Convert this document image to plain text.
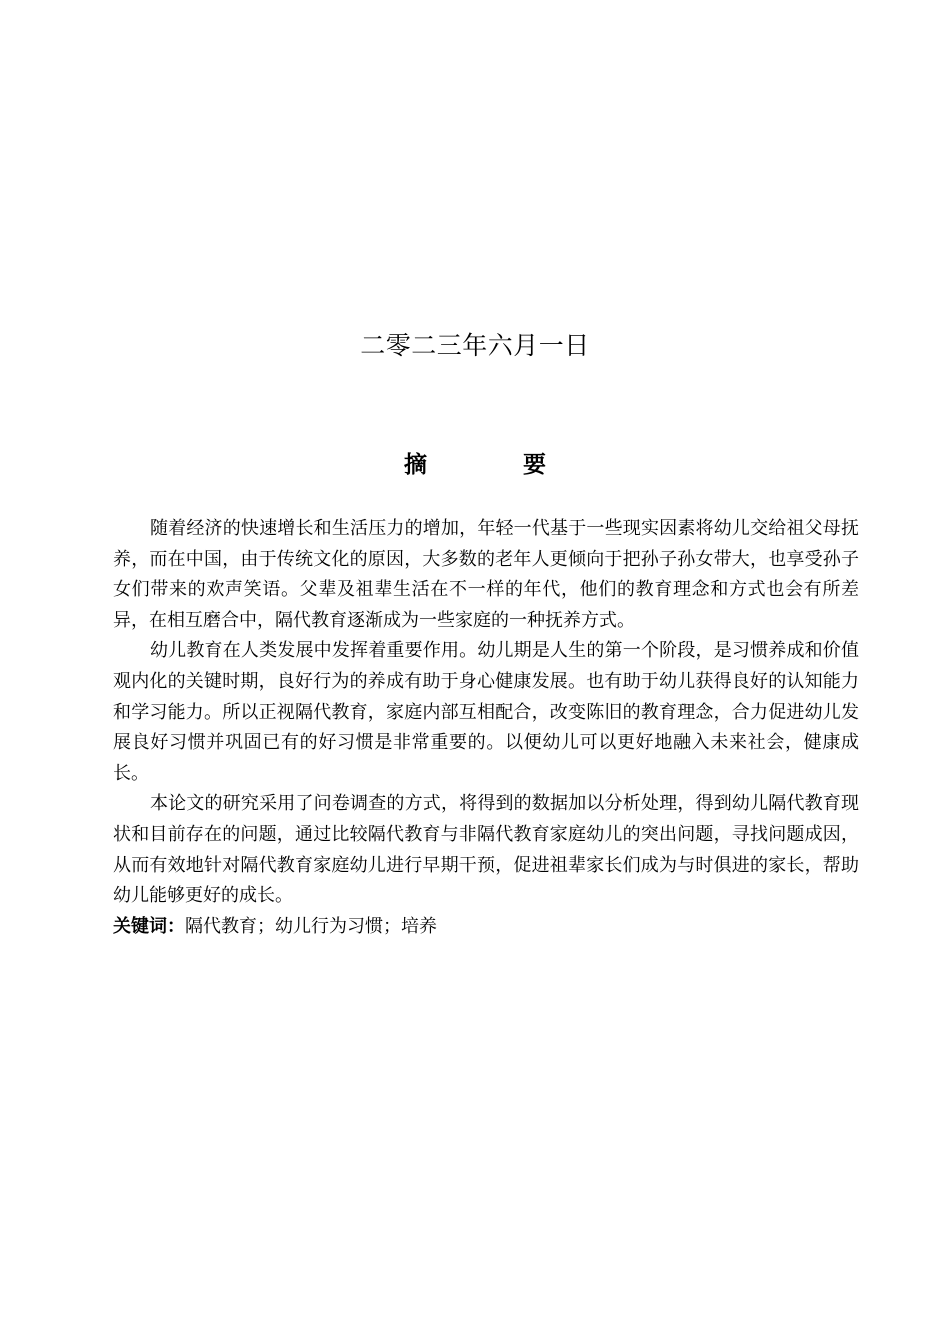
二零二三年六月一日
摘 要

随着经济的快速增长和生活压力的增加，年轻一代基于一些现实因素将幼儿交给祖父母抚养，而在中国，由于传统文化的原因，大多数的老年人更倾向于把孙子孙女带大，也享受孙子女们带来的欢声笑语。父辈及祖辈生活在不一样的年代，他们的教育理念和方式也会有所差异，在相互磨合中，隔代教育逐渐成为一些家庭的一种抚养方式。

幼儿教育在人类发展中发挥着重要作用。幼儿期是人生的第一个阶段，是习惯养成和价值观内化的关键时期，良好行为的养成有助于身心健康发展。也有助于幼儿获得良好的认知能力和学习能力。所以正视隔代教育，家庭内部互相配合，改变陈旧的教育理念，合力促进幼儿发展良好习惯并巩固已有的好习惯是非常重要的。以便幼儿可以更好地融入未来社会，健康成长。

本论文的研究采用了问卷调查的方式，将得到的数据加以分析处理，得到幼儿隔代教育现状和目前存在的问题，通过比较隔代教育与非隔代教育家庭幼儿的突出问题，寻找问题成因，从而有效地针对隔代教育家庭幼儿进行早期干预，促进祖辈家长们成为与时俱进的家长，帮助幼儿能够更好的成长。

关键词：隔代教育；幼儿行为习惯；培养
